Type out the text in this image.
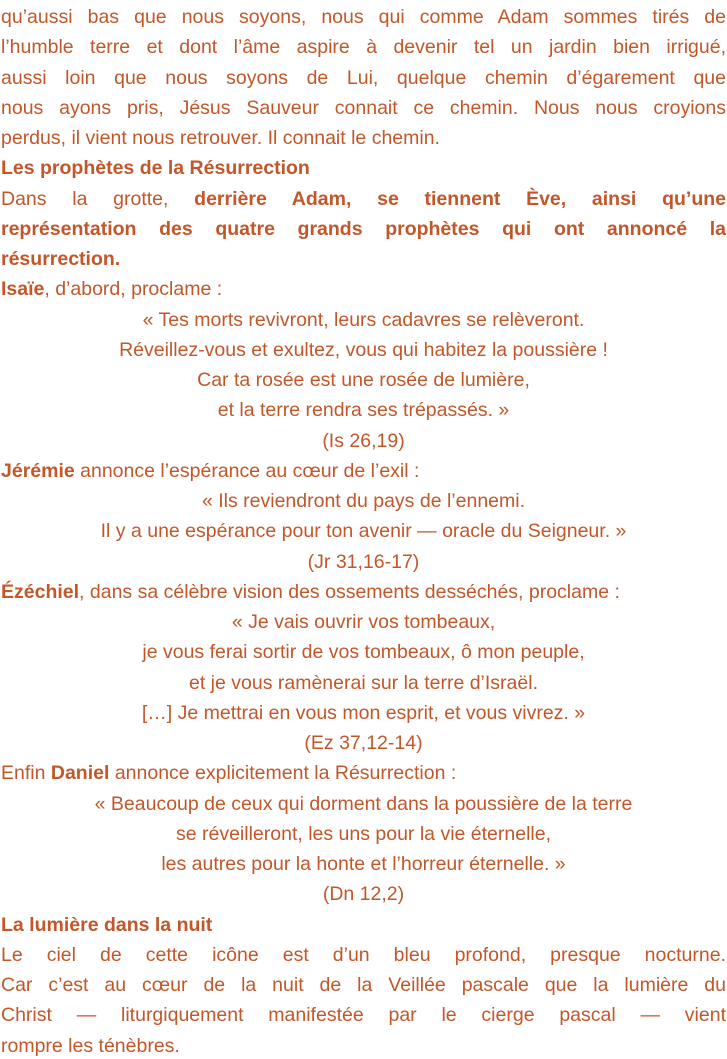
qu’aussi bas que nous soyons, nous qui comme Adam sommes tirés de
l’humble terre et dont l’âme aspire à devenir tel un jardin bien irrigué,
aussi loin que nous soyons de Lui, quelque chemin d’égarement que
nous ayons pris, Jésus Sauveur connait ce chemin. Nous nous croyions
perdus, il vient nous retrouver. Il connait le chemin.
Les prophètes de la Résurrection
Dans la grotte, derrière Adam, se tiennent Ève, ainsi qu’une
représentation des quatre grands prophètes qui ont annoncé la
résurrection.
Isaïe, d’abord, proclame :
« Tes morts revivront, leurs cadavres se relèveront.
Réveillez-vous et exultez, vous qui habitez la poussière !
Car ta rosée est une rosée de lumière,
et la terre rendra ses trépassés. »
(Is 26,19)
Jérémie annonce l’espérance au cœur de l’exil :
« Ils reviendront du pays de l’ennemi.
Il y a une espérance pour ton avenir — oracle du Seigneur. »
(Jr 31,16-17)
Ézéchiel, dans sa célèbre vision des ossements desséchés, proclame :
« Je vais ouvrir vos tombeaux,
je vous ferai sortir de vos tombeaux, ô mon peuple,
et je vous ramènerai sur la terre d’Israël.
[…] Je mettrai en vous mon esprit, et vous vivrez. »
(Ez 37,12-14)
Enfin Daniel annonce explicitement la Résurrection :
« Beaucoup de ceux qui dorment dans la poussière de la terre
se réveilleront, les uns pour la vie éternelle,
les autres pour la honte et l’horreur éternelle. »
(Dn 12,2)
La lumière dans la nuit
Le ciel de cette icône est d’un bleu profond, presque nocturne.
Car c’est au cœur de la nuit de la Veillée pascale que la lumière du
Christ — liturgiquement manifestée par le cierge pascal — vient
rompre les ténèbres.
